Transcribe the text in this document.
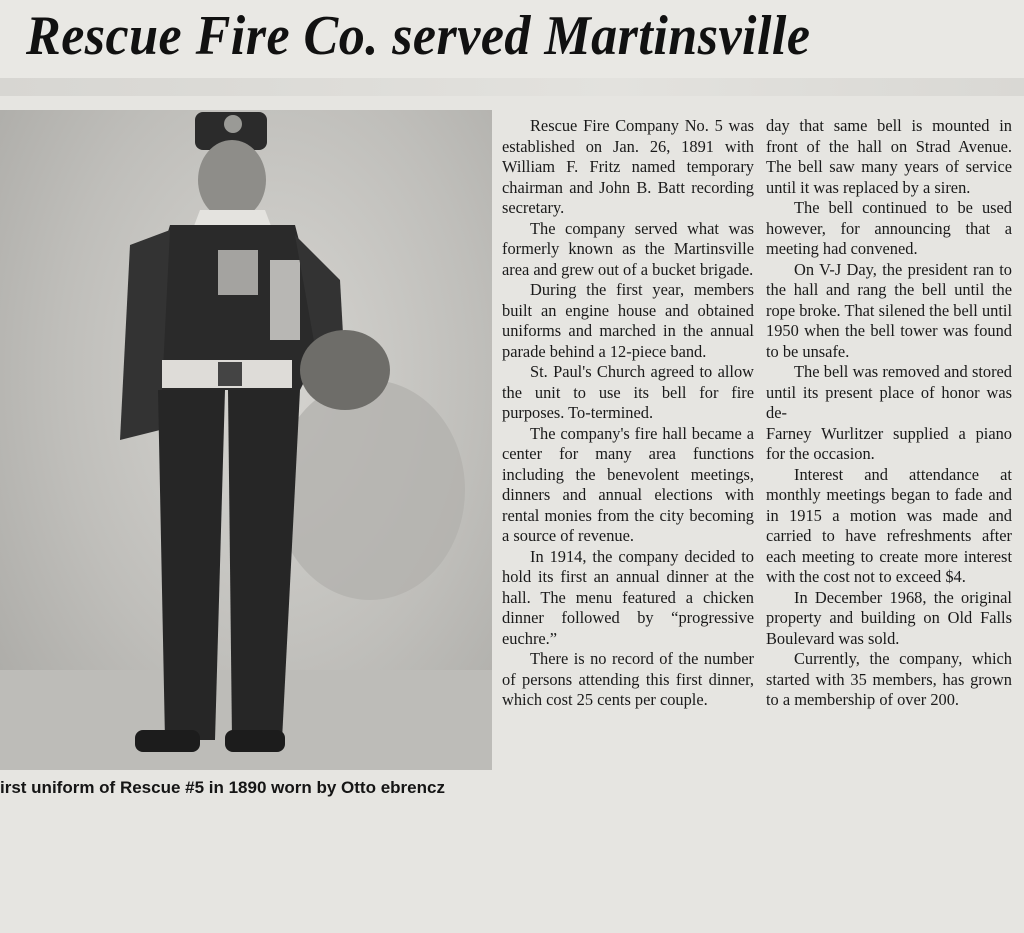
Rescue Fire Co. served Martinsville
irst uniform of Rescue #5 in 1890 worn by Otto ebrencz

Rescue Fire Company No. 5 was established on Jan. 26, 1891 with William F. Fritz named temporary chairman and John B. Batt recording secretary.

The company served what was formerly known as the Martinsville area and grew out of a bucket brigade.

During the first year, members built an engine house and obtained uniforms and marched in the annual parade behind a 12-piece band.

St. Paul's Church agreed to allow the unit to use its bell for fire purposes. To-termined.

The company's fire hall became a center for many area functions including the benevolent meetings, dinners and annual elections with rental monies from the city becoming a source of revenue.

In 1914, the company decided to hold its first an annual dinner at the hall. The menu featured a chicken dinner followed by “progressive euchre.”

There is no record of the number of persons attending this first dinner, which cost 25 cents per couple.

day that same bell is mounted in front of the hall on Strad Avenue. The bell saw many years of service until it was replaced by a siren.

The bell continued to be used however, for announcing that a meeting had convened.

On V-J Day, the president ran to the hall and rang the bell until the rope broke. That silened the bell until 1950 when the bell tower was found to be unsafe.

The bell was removed and stored until its present place of honor was de-

Farney Wurlitzer supplied a piano for the occasion.

Interest and attendance at monthly meetings began to fade and in 1915 a motion was made and carried to have refreshments after each meeting to create more interest with the cost not to exceed $4.

In December 1968, the original property and building on Old Falls Boulevard was sold.

Currently, the company, which started with 35 members, has grown to a membership of over 200.
